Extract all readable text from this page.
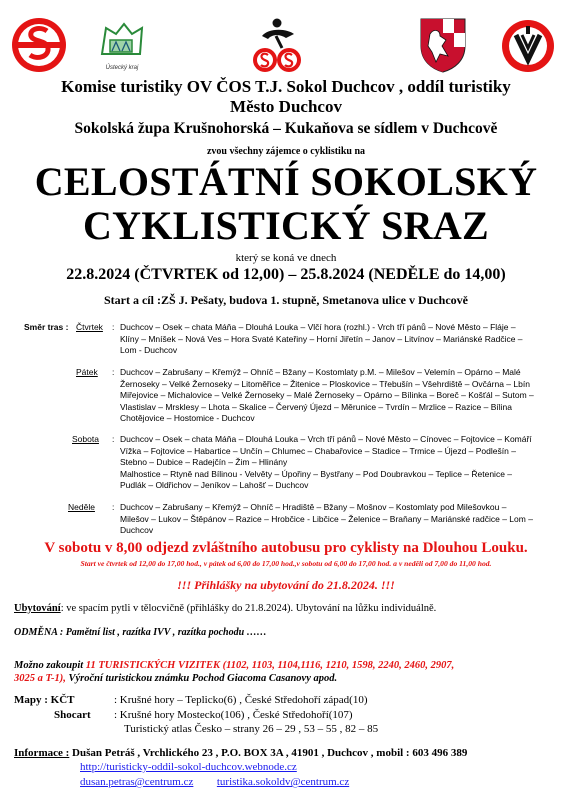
Ústecký kraj
Komise turistiky OV ČOS T.J. Sokol Duchcov , oddíl turistiky
Město Duchcov
Sokolská župa Krušnohorská – Kukaňova se sídlem v Duchcově
zvou všechny zájemce o cyklistiku na
CELOSTÁTNÍ SOKOLSKÝ
CYKLISTICKÝ SRAZ
který se koná ve dnech
22.8.2024 (ČTVRTEK od 12,00) – 25.8.2024 (NEDĚLE do 14,00)
Start a cíl :ZŠ J. Pešaty, budova 1. stupně, Smetanova ulice v Duchcově
Směr tras : Čtvrtek : Duchcov – Osek – chata Máňa – Dlouhá Louka – Vlčí hora (rozhl.) - Vrch tří pánů – Nové Město – Fláje –
Klíny – Mníšek – Nová Ves – Hora Svaté Kateřiny – Horní Jiřetín – Janov – Litvínov – Mariánské Radčice –
Lom - Duchcov
Pátek : Duchcov – Zabrušany – Křemýž – Ohníč – Bžany – Kostomlaty p.M. – Milešov – Velemín – Opárno – Malé
Žernoseky – Velké Žernoseky – Litoměřice – Žitenice – Ploskovice – Třebušín – Všehrdiště – Ovčárna – Lbín
Miřejovice – Michalovice – Velké Žernoseky – Malé Žernoseky – Opárno – Bílinka – Boreč – Košťál – Sutom –
Vlastislav – Mrsklesy – Lhota – Skalice – Červený Újezd – Měrunice – Tvrdín – Mrzlice – Razice – Bílina
Chotějovice – Hostomice - Duchcov
Sobota : Duchcov – Osek – chata Máňa – Dlouhá Louka – Vrch tří pánů – Nové Město – Cínovec – Fojtovice – Komáří
Vížka – Fojtovice – Habartice – Unčín – Chlumec – Chabařovice – Stadice – Trmice – Újezd – Podlešín –
Stebno – Dubice – Radejčín – Žim – Hlinány
Malhostice – Rtyně nad Bílinou - Velvěty – Úpořiny – Bystřany – Pod Doubravkou – Teplice – Řetenice –
Pudlák – Oldřichov – Jeníkov – Lahošť – Duchcov
Neděle : Duchcov – Zabrušany – Křemýž – Ohníč – Hradiště – Bžany – Mošnov – Kostomlaty pod Milešovkou –
Milešov – Lukov – Štěpánov – Razice – Hrobčice - Libčice – Želenice – Braňany – Mariánské radčice – Lom –
Duchcov
V sobotu v 8,00 odjezd zvláštního autobusu pro cyklisty na Dlouhou Louku.
Start ve čtvrtek od 12,00 do 17,00 hod., v pátek od 6,00 do 17,00 hod.,v sobotu od 6,00 do 17,00 hod. a v neděli od 7,00 do 11,00 hod.
!!! Přihlášky na ubytování do 21.8.2024. !!!
Ubytování: ve spacím pytli v tělocvičně (přihlášky do 21.8.2024). Ubytování na lůžku individuálně.
ODMĚNA : Pamětní list , razítka IVV , razítka pochodu ……
Možno zakoupit 11 TURISTICKÝCH VIZITEK (1102, 1103, 1104,1116, 1210, 1598, 2240, 2460, 2907,
3025 a T-1), Výroční turistickou známku Pochod Giacoma Casanovy apod.
Mapy : KČT	: Krušné hory – Teplicko(6) , České Středohoří západ(10)
Shocart : Krušné hory Mostecko(106) , České Středohoří(107)
Turistický atlas Česko – strany 26 – 29 , 53 – 55 , 82 – 85
Informace : Dušan Petráš , Vrchlického 23 , P.O. BOX 3A , 41901 , Duchcov , mobil : 603 496 389
http://turisticky-oddil-sokol-duchcov.webnode.cz
dusan.petras@centrum.cz turistika.sokoldv@centrum.cz
